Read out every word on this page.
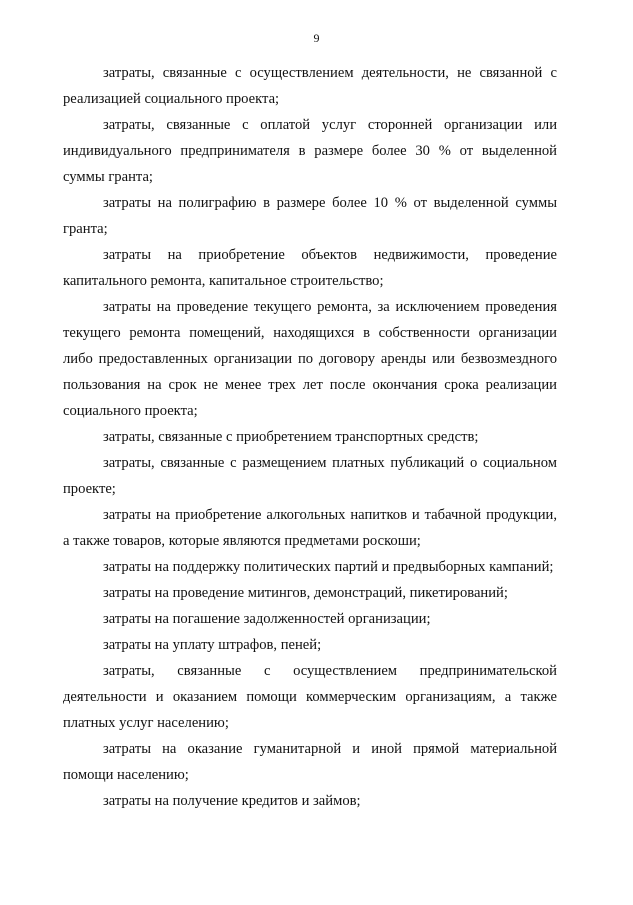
9

затраты, связанные с осуществлением деятельности, не связанной с реализацией социального проекта;

затраты, связанные с оплатой услуг сторонней организации или индивидуального предпринимателя в размере более 30 % от выделенной суммы гранта;

затраты на полиграфию в размере более 10 % от выделенной суммы гранта;

затраты на приобретение объектов недвижимости, проведение капитального ремонта, капитальное строительство;

затраты на проведение текущего ремонта, за исключением проведения текущего ремонта помещений, находящихся в собственности организации либо предоставленных организации по договору аренды или безвозмездного пользования на срок не менее трех лет после окончания срока реализации социального проекта;

затраты, связанные с приобретением транспортных средств;

затраты, связанные с размещением платных публикаций о социальном проекте;

затраты на приобретение алкогольных напитков и табачной продукции, а также товаров, которые являются предметами роскоши;

затраты на поддержку политических партий и предвыборных кампаний;

затраты на проведение митингов, демонстраций, пикетирований;

затраты на погашение задолженностей организации;

затраты на уплату штрафов, пеней;

затраты, связанные с осуществлением предпринимательской деятельности и оказанием помощи коммерческим организациям, а также платных услуг населению;

затраты на оказание гуманитарной и иной прямой материальной помощи населению;

затраты на получение кредитов и займов;
